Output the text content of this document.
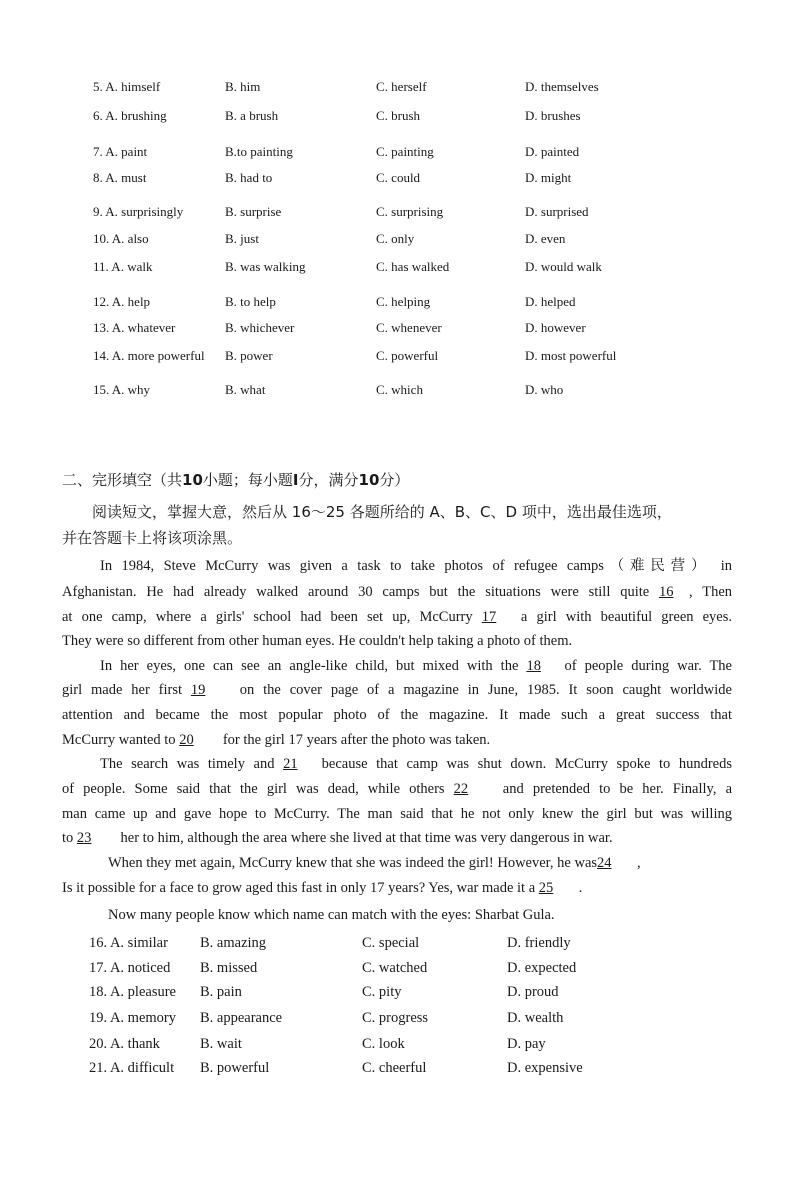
5. A. himself	B. him	C. herself	D. themselves
6. A. brushing	B. a brush	C. brush	D. brushes
7. A. paint	B.to painting	C. painting	D. painted
8. A. must	B. had to	C. could	D. might
9. A. surprisingly	B. surprise	C. surprising	D. surprised
10. A. also	B. just	C. only	D. even
11. A. walk	B. was walking	C. has walked	D. would walk
12. A. help	B. to help	C. helping	D. helped
13. A. whatever	B. whichever	C. whenever	D. however
14. A. more powerful B. power	C. powerful	D. most powerful
15. A. why	B. what	C. which	D. who
二、完形填空（共10小题；每小题I分，满分10分）
阅读短文，掌握大意，然后从 16～25 各题所给的 A、B、C、D 项中，选出最佳选项，
并在答题卡上将该项涂黑。
In 1984, Steve McCurry was given a task to take photos of refugee camps（难民营） in
Afghanistan. He had already walked around 30 camps but the situations were still quite 16 , Then
at one camp, where a girls' school had been set up, McCurry 17 a girl with beautiful green eyes.
They were so different from other human eyes. He couldn't help taking a photo of them.
In her eyes, one can see an angle-like child, but mixed with the 18 of people during war. The
girl made her first 19 on the cover page of a magazine in June, 1985. It soon caught worldwide
attention and became the most popular photo of the magazine. It made such a great success that
McCurry wanted to 20 for the girl 17 years after the photo was taken.
The search was timely and 21 because that camp was shut down. McCurry spoke to hundreds
of people. Some said that the girl was dead, while others 22 and pretended to be her. Finally, a
man came up and gave hope to McCurry. The man said that he not only knew the girl but was willing
to 23 her to him, although the area where she lived at that time was very dangerous in war.
When they met again, McCurry knew that she was indeed the girl! However, he was24 ,
Is it possible for a face to grow aged this fast in only 17 years? Yes, war made it a 25 .
Now many people know which name can match with the eyes: Sharbat Gula.
16. A. similar B. amazing	C. special	D. friendly
17. A. noticed B. missed	C. watched	D. expected
18. A. pleasure B. pain	C. pity	D. proud
19. A. memory B. appearance	C. progress	D. wealth
20. A. thank	B. wait	C. look	D. pay
21. A. difficult B. powerful	C. cheerful	D. expensive
